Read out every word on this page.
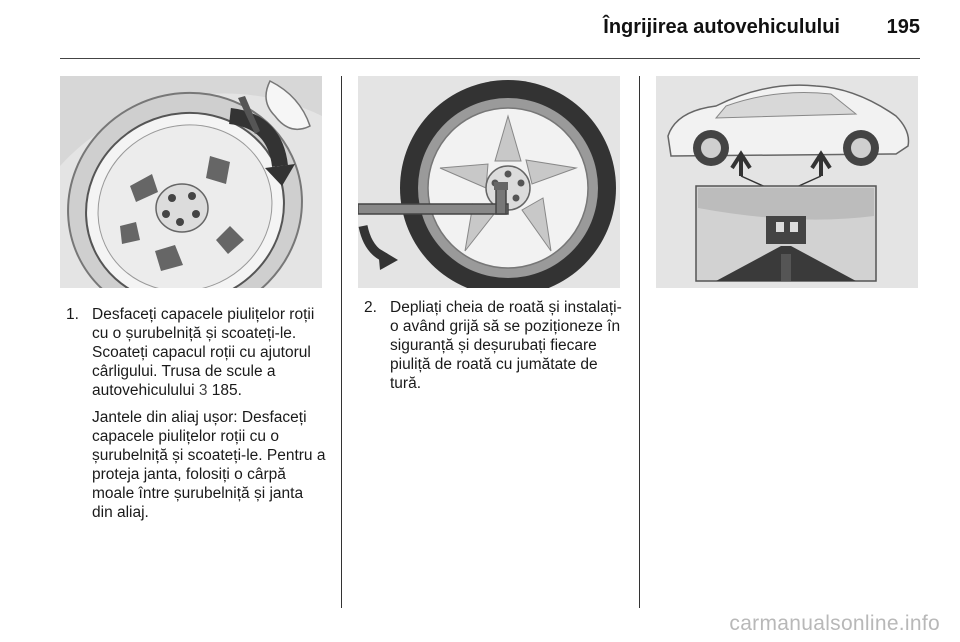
Îngrijirea autovehiculului	195
1. Desfaceți capacele piulițelor roții cu o șurubelniță și scoateți-le. Scoateți capacul roții cu ajutorul cârligului. Trusa de scule a autovehiculului 3 185.

Jantele din aliaj ușor: Desfaceți capacele piulițelor roții cu o șurubelniță și scoateți-le. Pentru a proteja janta, folosiți o cârpă moale între șurubelniță și janta din aliaj.

2. Depliați cheia de roată și instalați-o având grijă să se poziționeze în siguranță și deșurubați fiecare piuliță de roată cu jumătate de tură.

carmanualsonline.info
